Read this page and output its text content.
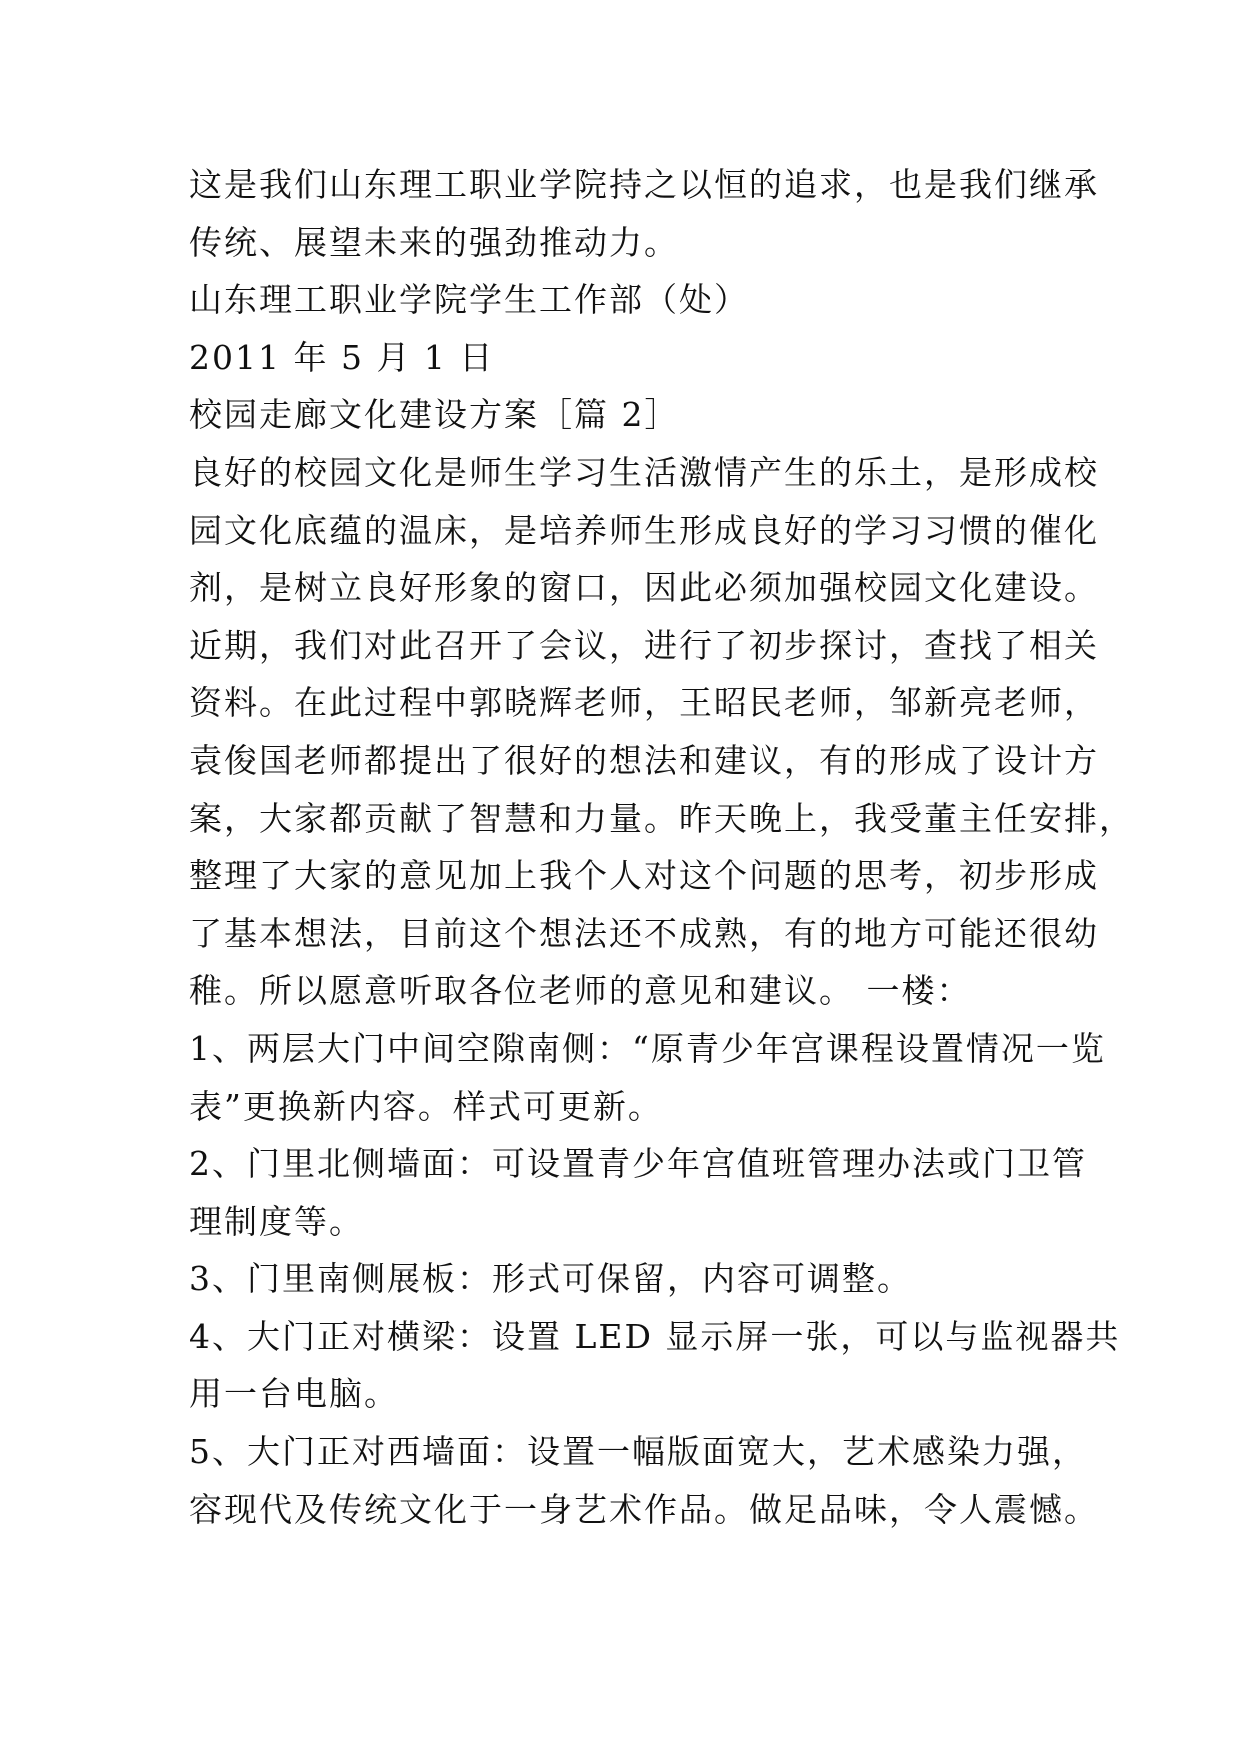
这是我们山东理工职业学院持之以恒的追求，也是我们继承
传统、展望未来的强劲推动力。
山东理工职业学院学生工作部（处）
2011 年 5 月 1 日
校园走廊文化建设方案［篇 2］
良好的校园文化是师生学习生活激情产生的乐土，是形成校
园文化底蕴的温床，是培养师生形成良好的学习习惯的催化
剂，是树立良好形象的窗口，因此必须加强校园文化建设。
近期，我们对此召开了会议，进行了初步探讨，查找了相关
资料。在此过程中郭晓辉老师，王昭民老师，邹新亮老师，
袁俊国老师都提出了很好的想法和建议，有的形成了设计方
案，大家都贡献了智慧和力量。昨天晚上，我受董主任安排，
整理了大家的意见加上我个人对这个问题的思考，初步形成
了基本想法，目前这个想法还不成熟，有的地方可能还很幼
稚。所以愿意听取各位老师的意见和建议。 一楼：
1、两层大门中间空隙南侧：“原青少年宫课程设置情况一览
表”更换新内容。样式可更新。
2、门里北侧墙面：可设置青少年宫值班管理办法或门卫管
理制度等。
3、门里南侧展板：形式可保留，内容可调整。
4、大门正对横梁：设置 LED 显示屏一张，可以与监视器共
用一台电脑。
5、大门正对西墙面：设置一幅版面宽大，艺术感染力强，
容现代及传统文化于一身艺术作品。做足品味，令人震憾。
